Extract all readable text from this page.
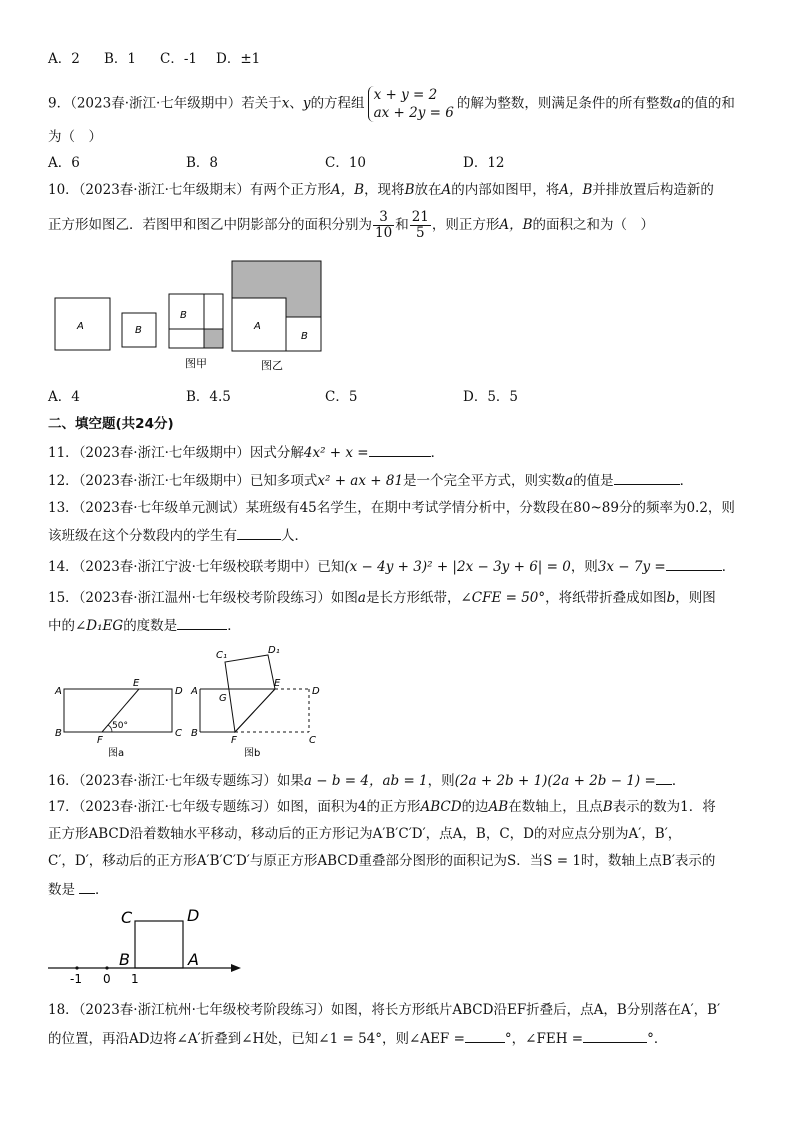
A．2 B．1 C．-1 D．±1
9．（2023春·浙江·七年级期中）若关于x、y的方程组
x + y = 2
ax + 2y = 6
的解为整数，则满足条件的所有整数a的值的和
为（　）
A．6	B．8	C．10	D．12
10．（2023春·浙江·七年级期末）有两个正方形A，B，现将B放在A的内部如图甲，将A，B并排放置后构造新的
正方形如图乙．若图甲和图乙中阴影部分的面积分别为 $\frac{3}{10}$ 和 $\frac{21}{5}$ ，则正方形A，B的面积之和为（　）
A	B
B
图甲
A
B
图乙
A．4	B．4.5	C．5	D．5．5
二、填空题(共24分)
11．（2023春·浙江·七年级期中）因式分解4x² + x =	．
12．（2023春·浙江·七年级期中）已知多项式x² + ax + 81是一个完全平方式，则实数a的值是	．
13．（2023春·七年级单元测试）某班级有45名学生，在期中考试学情分析中，分数段在80~89分的频率为0.2，则
该班级在这个分数段内的学生有	人．
14．（2023春·浙江宁波·七年级校联考期中）已知(x − 4y + 3)² + |2x − 3y + 6| = 0，则3x − 7y =	．
15．（2023春·浙江温州·七年级校考阶段练习）如图a是长方形纸带，∠CFE = 50°，将纸带折叠成如图b，则图
中的∠D₁EG的度数是	．
A
E
D
B
F
C
50°
图a
C₁	D₁
A
G
E
D
B
F	C
图b
16．（2023春·浙江·七年级专题练习）如果a − b = 4，ab = 1，则(2a + 2b + 1)(2a + 2b − 1) = ．
17．（2023春·浙江·七年级专题练习）如图，面积为4的正方形ABCD的边AB在数轴上，且点B表示的数为1．将
正方形ABCD沿着数轴水平移动，移动后的正方形记为A′B′C′D′，点A，B，C，D的对应点分别为A′，B′，
C′，D′，移动后的正方形A′B′C′D′与原正方形ABCD重叠部分图形的面积记为S．当S = 1时，数轴上点B′表示的
数是 ．
C	D
B	A
-1 0 1
18．（2023春·浙江杭州·七年级校考阶段练习）如图，将长方形纸片ABCD沿EF折叠后，点A，B分别落在A′，B′
的位置，再沿AD边将∠A′折叠到∠H处，已知∠1 = 54°，则∠AEF =	°，∠FEH =	°．
